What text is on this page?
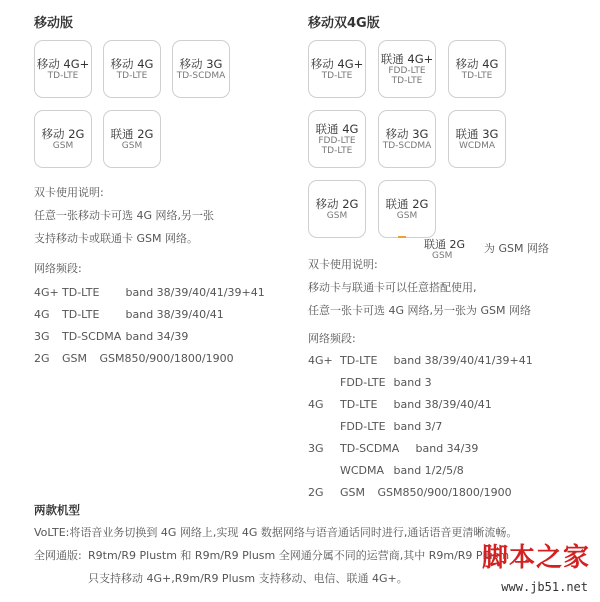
移动版
移动 4G+
TD-LTE
移动 4G
TD-LTE
移动 3G
TD-SCDMA
移动 2G
GSM
联通 2G
GSM
双卡使用说明:
任意一张移动卡可选 4G 网络,另一张
支持移动卡或联通卡 GSM 网络。
网络频段:
4G+ TD-LTE band 38/39/40/41/39+41
4G TD-LTE band 38/39/40/41
3G TD-SCDMA band 34/39
2G GSM GSM850/900/1800/1900
移动双4G版
移动 4G+
TD-LTE
联通 4G+
FDD-LTE
TD-LTE
移动 4G
TD-LTE
联通 4G
FDD-LTE
TD-LTE
移动 3G
TD-SCDMA
联通 3G
WCDMA
移动 2G
GSM
联通 2G
GSM
联通 2G
GSM
为 GSM 网络
双卡使用说明:
移动卡与联通卡可以任意搭配使用,
任意一张卡可选 4G 网络,另一张为 GSM 网络
网络频段:
4G+ TD-LTE band 38/39/40/41/39+41
FDD-LTE band 3
4G TD-LTE band 38/39/40/41
FDD-LTE band 3/7
3G TD-SCDMA band 34/39
WCDMA band 1/2/5/8
2G GSM GSM850/900/1800/1900
两款机型
VoLTE:将语音业务切换到 4G 网络上,实现 4G 数据网络与语音通话同时进行,通话语音更清晰流畅。
全网通版: R9tm/R9 Plustm 和 R9m/R9 Plusm 全网通分属不同的运营商,其中 R9m/R9 Plusm
只支持移动 4G+,R9m/R9 Plusm 支持移动、电信、联通 4G+。
脚本之家
www.jb51.net
